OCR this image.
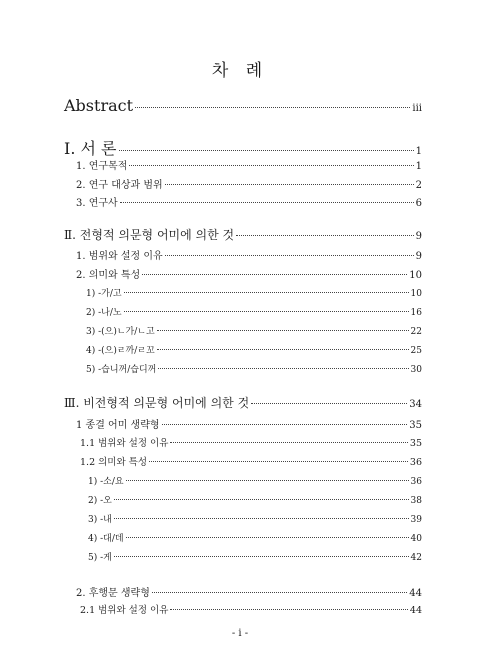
차 례
Abstract	iii
Ⅰ. 서 론	1
1. 연구목적	1
2. 연구 대상과 범위	2
3. 연구사	6
Ⅱ. 전형적 의문형 어미에 의한 것	9
1. 범위와 설정 이유	9
2. 의미와 특성	10
1) -가/고	10
2) -나/노	16
3) -(으)ㄴ가/ㄴ고	22
4) -(으)ㄹ까/ㄹ꼬	25
5) -습니꺼/습디꺼	30
Ⅲ. 비전형적 의문형 어미에 의한 것	34
1 종결 어미 생략형	35
1.1 범위와 설정 이유	35
1.2 의미와 특성	36
1) -소/요	36
2) -오	38
3) -내	39
4) -대/데	40
5) -게	42
2. 후행문 생략형	44
2.1 범위와 설정 이유	44
- i -
